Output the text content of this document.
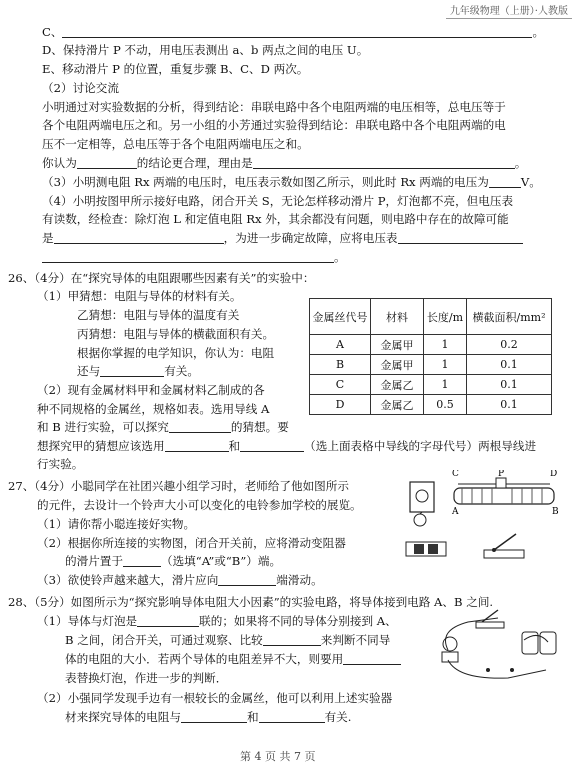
九年级物理（上册）·人教版
C、	。
D、保持滑片 P 不动，用电压表测出 a、b 两点之间的电压 U。
E、移动滑片 P 的位置，重复步骤 B、C、D 两次。
（2）讨论交流
小明通过对实验数据的分析，得到结论：串联电路中各个电阻两端的电压相等，总电压等于
各个电阻两端电压之和。另一小组的小芳通过实验得到结论：串联电路中各个电阻两端的电
压不一定相等，总电压等于各个电阻两端电压之和。
你认为	的结论更合理，理由是	。
（3）小明测电阻 Rx 两端的电压时，电压表示数如图乙所示，则此时 Rx 两端的电压为	V。
（4）小明按图甲所示接好电路，闭合开关 S，无论怎样移动滑片 P，灯泡都不亮，但电压表
有读数，经检查：除灯泡 L 和定值电阻 Rx 外，其余都没有问题，则电路中存在的故障可能
是	，为进一步确定故障，应将电压表
。
26、（4分）在“探究导体的电阻跟哪些因素有关”的实验中：
（1）甲猜想：电阻与导体的材料有关。
乙猜想：电阻与导体的温度有关
丙猜想：电阻与导体的横截面积有关。
根据你掌握的电学知识，你认为：电阻
还与	有关。
（2）现有金属材料甲和金属材料乙制成的各
种不同规格的金属丝，规格如表。选用导线 A
和 B 进行实验，可以探究	的猜想。要
想探究甲的猜想应该选用	和	（选上面表格中导线的字母代号）两根导线进
行实验。
金属丝代号	材料	长度/m	横截面积/mm²
A	金属甲	1	0.2
B	金属甲	1	0.1
C	金属乙	1	0.1
D	金属乙	0.5	0.1
27、（4分）小聪同学在社团兴趣小组学习时，老师给了他如图所示
的元件，去设计一个铃声大小可以变化的电铃参加学校的展览。
（1）请你帮小聪连接好实物。
（2）根据你所连接的实物图，闭合开关前，应将滑动变阻器
的滑片置于	（选填“A”或“B”）端。
（3）欲使铃声越来越大，滑片应向	端滑动。
C	P	D
A	B
28、（5分）如图所示为“探究影响导体电阻大小因素”的实验电路，将导体接到电路 A、B 之间.
（1）导体与灯泡是	联的；如果将不同的导体分别接到 A、
B 之间，闭合开关，可通过观察、比较	来判断不同导
体的电阻的大小．若两个导体的电阻差异不大，则要用
表替换灯泡，作进一步的判断．
（2）小强同学发现手边有一根较长的金属丝，他可以利用上述实验器
材来探究导体的电阻与	和	有关.
第 4 页 共 7 页
